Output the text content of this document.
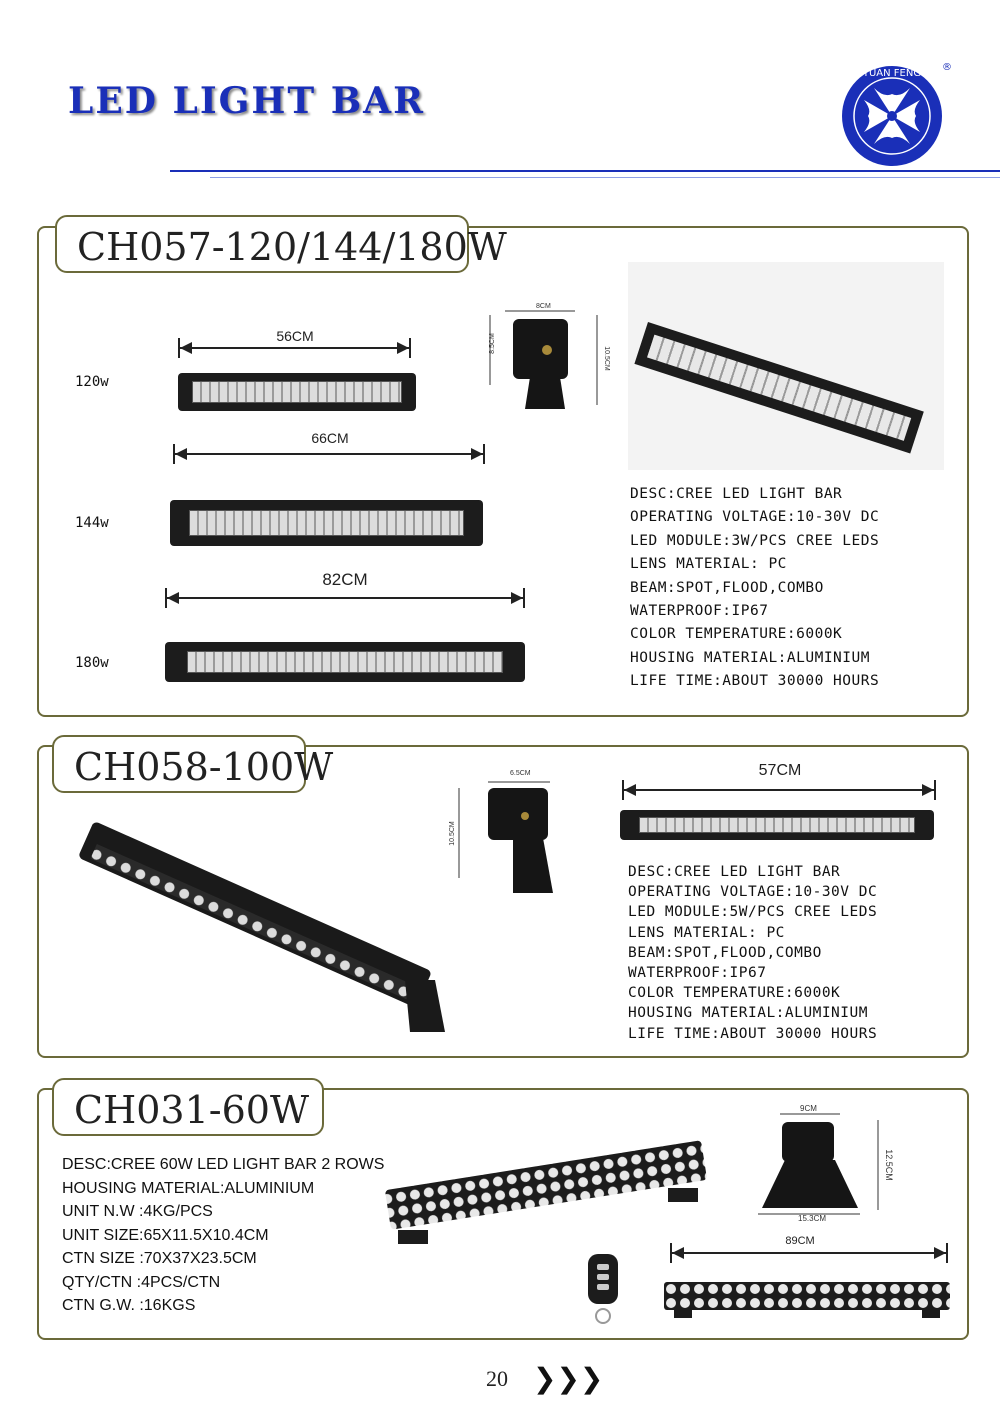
LED LIGHT BAR
YUAN FENG
®
CH057-120/144/180W
120w
144w
180w
56CM
66CM
82CM
8CM
8.5CM
10.5CM
DESC:CREE LED LIGHT BAR
OPERATING VOLTAGE:10-30V DC
LED MODULE:3W/PCS CREE LEDS
LENS MATERIAL: PC
BEAM:SPOT,FLOOD,COMBO
WATERPROOF:IP67
COLOR TEMPERATURE:6000K
HOUSING MATERIAL:ALUMINIUM
LIFE TIME:ABOUT 30000 HOURS
CH058-100W	6.5CM
10.5CM
57CM
DESC:CREE LED LIGHT BAR
OPERATING VOLTAGE:10-30V DC
LED MODULE:5W/PCS CREE LEDS
LENS MATERIAL: PC
BEAM:SPOT,FLOOD,COMBO
WATERPROOF:IP67
COLOR TEMPERATURE:6000K
HOUSING MATERIAL:ALUMINIUM
LIFE TIME:ABOUT 30000 HOURS
CH031-60W
DESC:CREE 60W LED LIGHT BAR 2 ROWS
HOUSING MATERIAL:ALUMINIUM
UNIT N.W :4KG/PCS
UNIT SIZE:65X11.5X10.4CM
CTN SIZE :70X37X23.5CM
QTY/CTN :4PCS/CTN
CTN G.W. :16KGS
9CM
12.5CM
15.3CM
89CM
20 ❯❯❯
